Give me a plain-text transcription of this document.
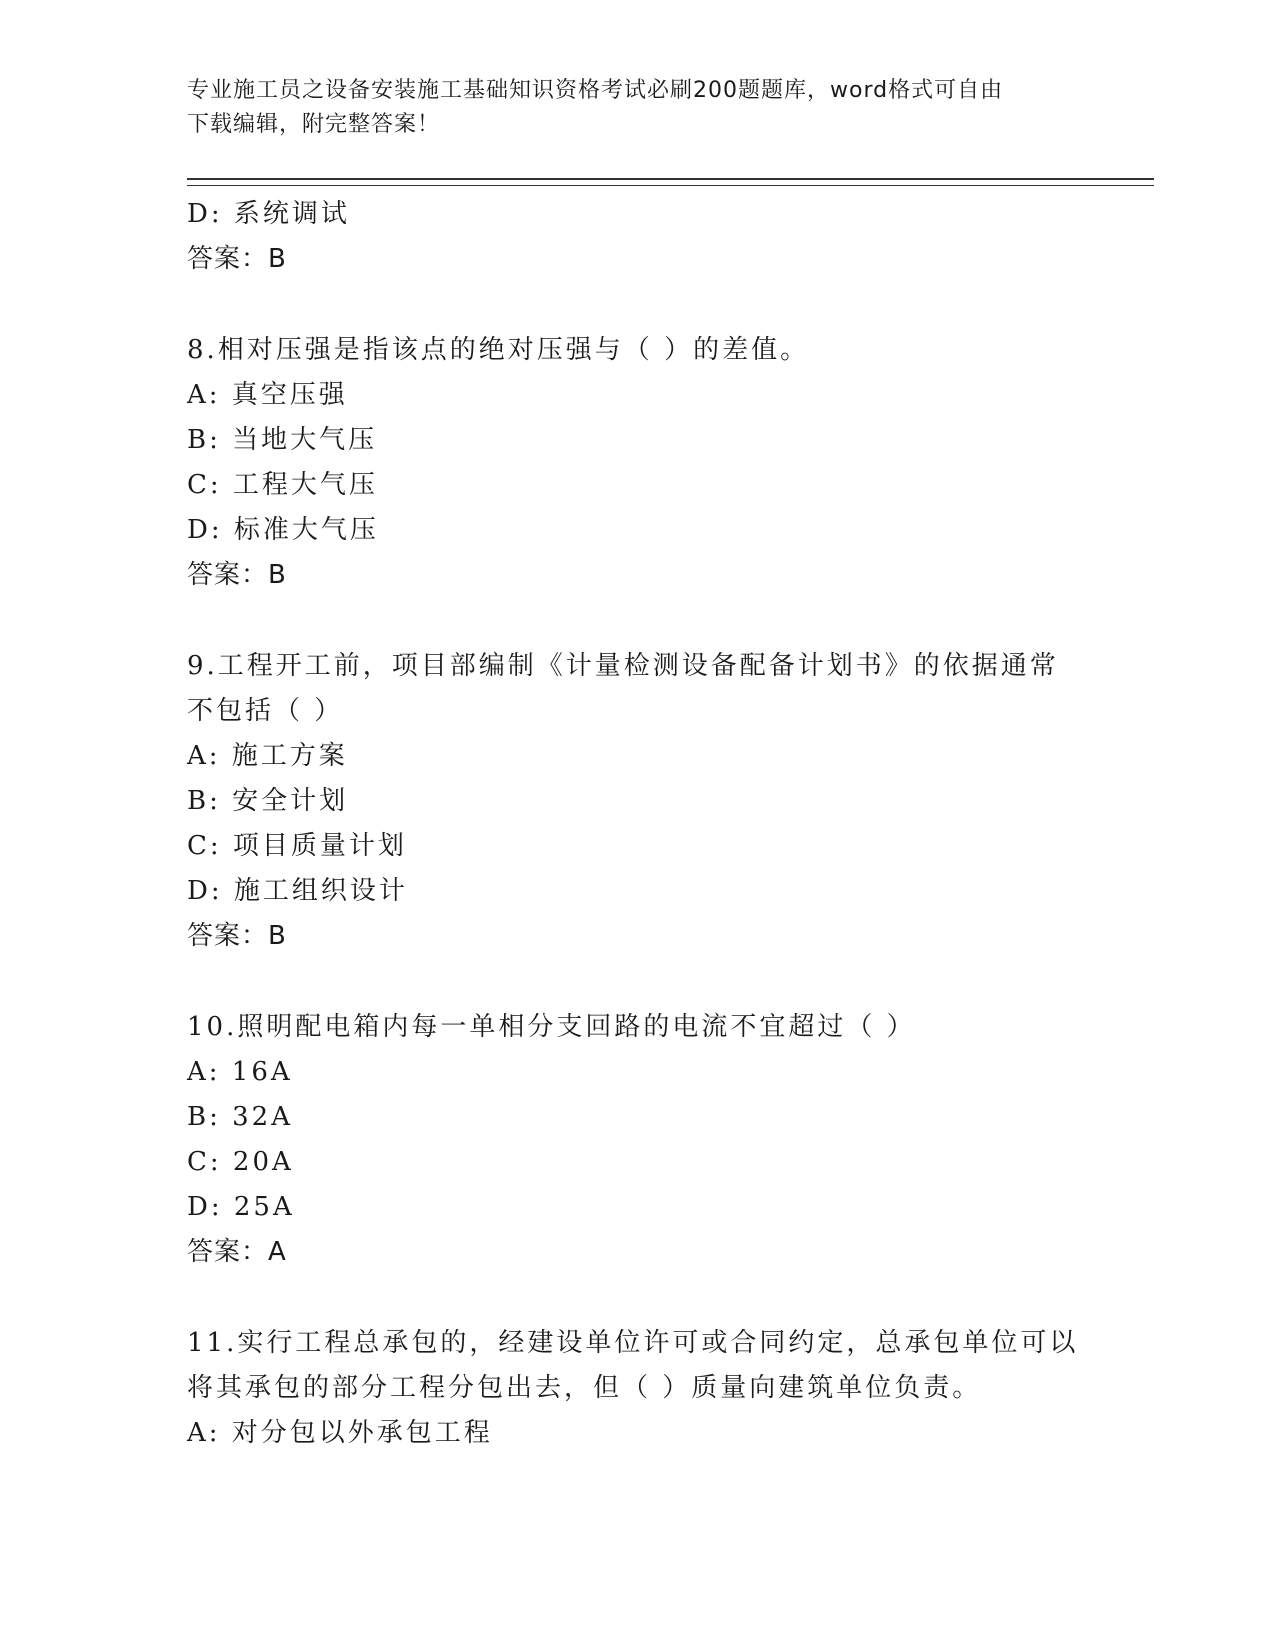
专业施工员之设备安装施工基础知识资格考试必刷200题题库，word格式可自由
下载编辑，附完整答案！
D: 系统调试
答案：B
8.相对压强是指该点的绝对压强与（ ）的差值。
A: 真空压强
B: 当地大气压
C: 工程大气压
D: 标准大气压
答案：B
9.工程开工前，项目部编制《计量检测设备配备计划书》的依据通常
不包括（ ）
A: 施工方案
B: 安全计划
C: 项目质量计划
D: 施工组织设计
答案：B
10.照明配电箱内每一单相分支回路的电流不宜超过（ ）
A: 16A
B: 32A
C: 20A
D: 25A
答案：A
11.实行工程总承包的，经建设单位许可或合同约定，总承包单位可以
将其承包的部分工程分包出去，但（ ）质量向建筑单位负责。
A: 对分包以外承包工程
